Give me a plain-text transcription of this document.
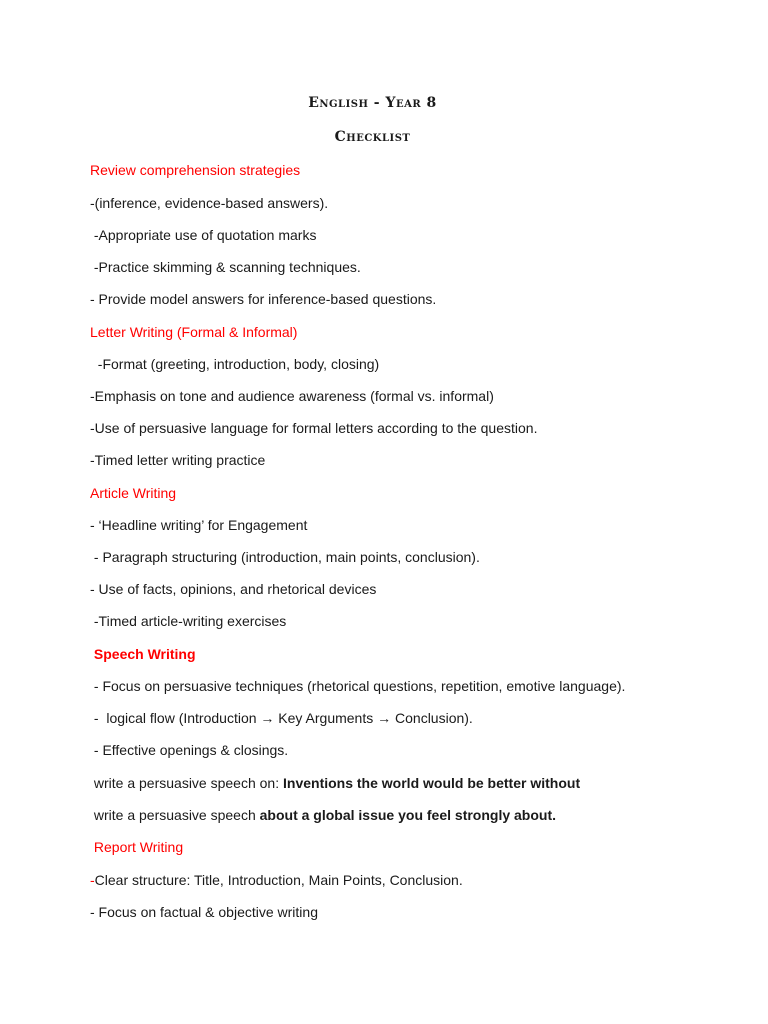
English - Year 8
Checklist
Review comprehension strategies
-(inference, evidence-based answers).
-Appropriate use of quotation marks
-Practice skimming & scanning techniques.
- Provide model answers for inference-based questions.
Letter Writing (Formal & Informal)
-Format (greeting, introduction, body, closing)
-Emphasis on tone and audience awareness (formal vs. informal)
-Use of persuasive language for formal letters according to the question.
-Timed letter writing practice
Article Writing
- ‘Headline writing’ for Engagement
- Paragraph structuring (introduction, main points, conclusion).
- Use of facts, opinions, and rhetorical devices
-Timed article-writing exercises
Speech Writing
- Focus on persuasive techniques (rhetorical questions, repetition, emotive language).
-  logical flow (Introduction → Key Arguments → Conclusion).
- Effective openings & closings.
write a persuasive speech on: Inventions the world would be better without
write a persuasive speech about a global issue you feel strongly about.
Report Writing
-Clear structure: Title, Introduction, Main Points, Conclusion.
- Focus on factual & objective writing
